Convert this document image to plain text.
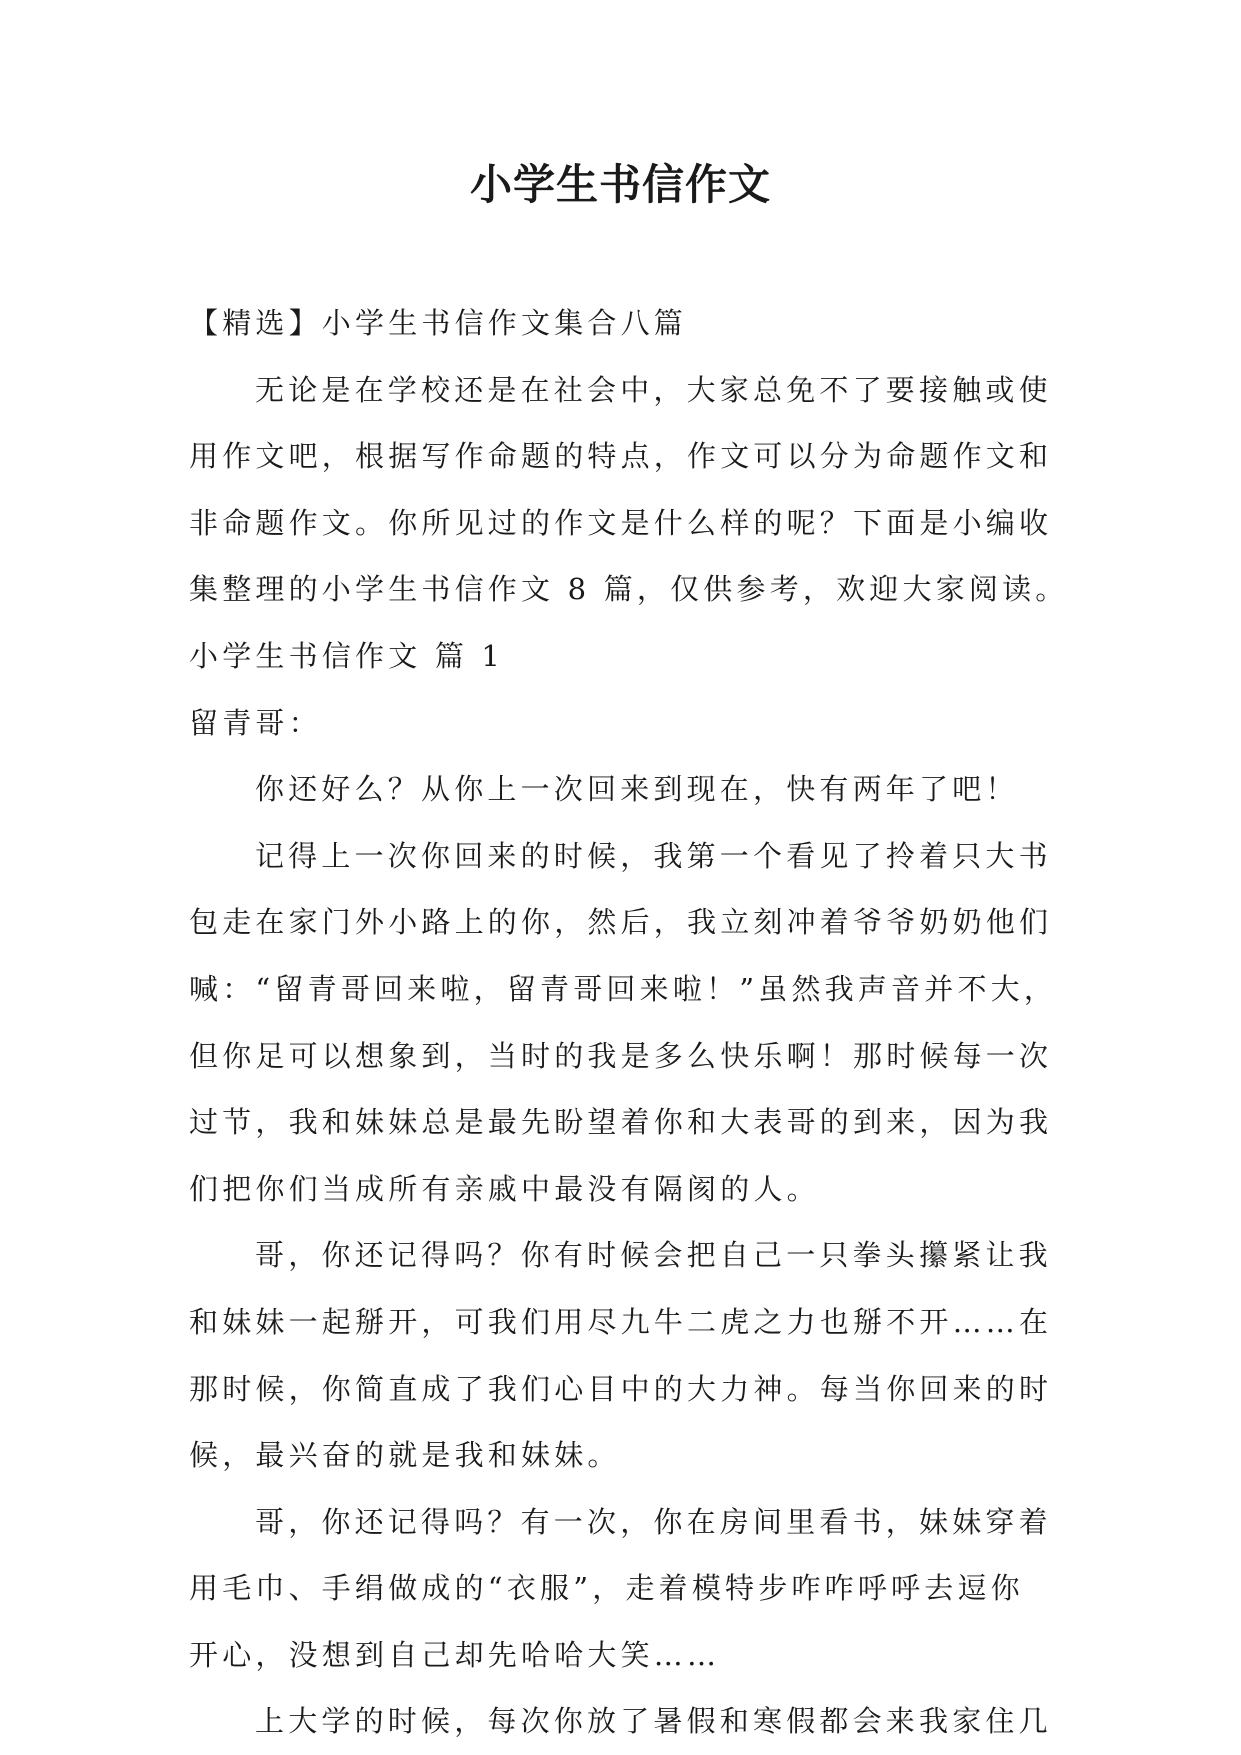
小学生书信作文
【精选】小学生书信作文集合八篇
无论是在学校还是在社会中，大家总免不了要接触或使
用作文吧，根据写作命题的特点，作文可以分为命题作文和
非命题作文。你所见过的作文是什么样的呢？下面是小编收
集整理的小学生书信作文 8 篇，仅供参考，欢迎大家阅读。
小学生书信作文 篇 1
留青哥：
你还好么？从你上一次回来到现在，快有两年了吧！
记得上一次你回来的时候，我第一个看见了拎着只大书
包走在家门外小路上的你，然后，我立刻冲着爷爷奶奶他们
喊：“留青哥回来啦，留青哥回来啦！”虽然我声音并不大，
但你足可以想象到，当时的我是多么快乐啊！那时候每一次
过节，我和妹妹总是最先盼望着你和大表哥的到来，因为我
们把你们当成所有亲戚中最没有隔阂的人。
哥，你还记得吗？你有时候会把自己一只拳头攥紧让我
和妹妹一起掰开，可我们用尽九牛二虎之力也掰不开……在
那时候，你简直成了我们心目中的大力神。每当你回来的时
候，最兴奋的就是我和妹妹。
哥，你还记得吗？有一次，你在房间里看书，妹妹穿着
用毛巾、手绢做成的“衣服”，走着模特步咋咋呼呼去逗你
开心，没想到自己却先哈哈大笑……
上大学的时候，每次你放了暑假和寒假都会来我家住几
